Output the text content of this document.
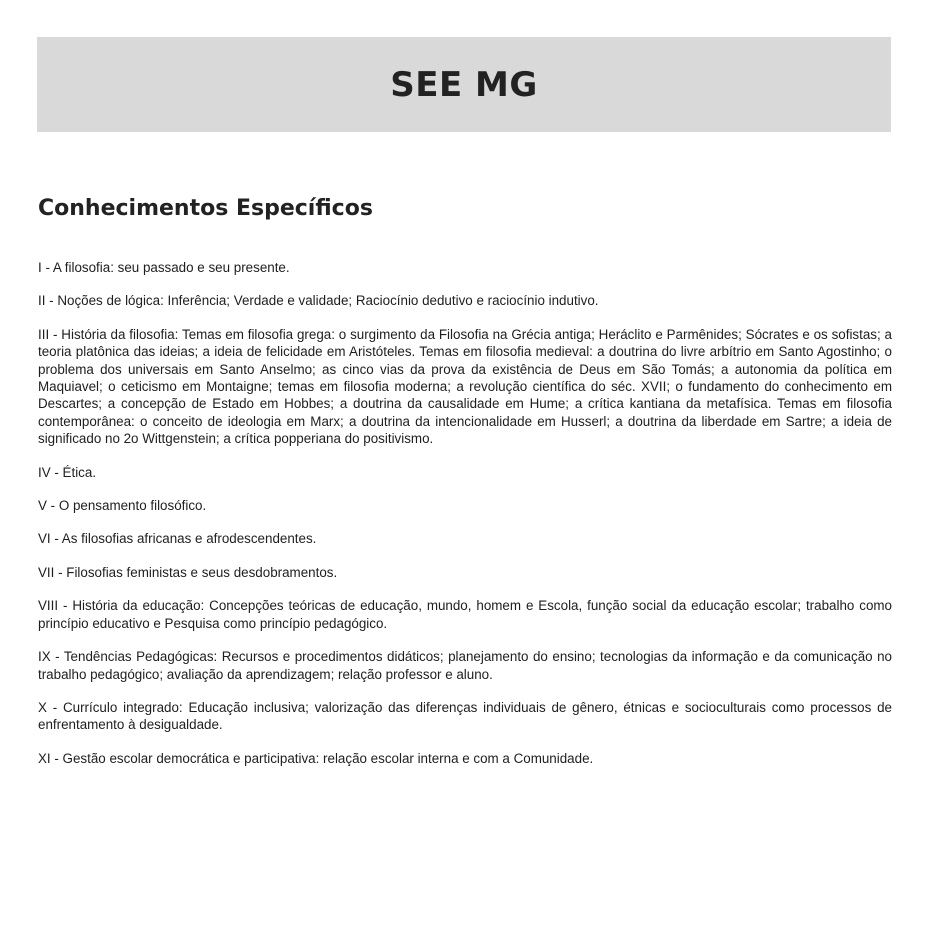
SEE MG
Conhecimentos Específicos

I - A filosofia: seu passado e seu presente.

II - Noções de lógica: Inferência; Verdade e validade; Raciocínio dedutivo e raciocínio indutivo.

III - História da filosofia: Temas em filosofia grega: o surgimento da Filosofia na Grécia antiga; Heráclito e Parmênides; Sócrates e os sofistas; a teoria platônica das ideias; a ideia de felicidade em Aristóteles. Temas em filosofia medieval: a doutrina do livre arbítrio em Santo Agostinho; o problema dos universais em Santo Anselmo; as cinco vias da prova da existência de Deus em São Tomás; a autonomia da política em Maquiavel; o ceticismo em Montaigne; temas em filosofia moderna; a revolução científica do séc. XVII; o fundamento do conhecimento em Descartes; a concepção de Estado em Hobbes; a doutrina da causalidade em Hume; a crítica kantiana da metafísica. Temas em filosofia contemporânea: o conceito de ideologia em Marx; a doutrina da intencionalidade em Husserl; a doutrina da liberdade em Sartre; a ideia de significado no 2o Wittgenstein; a crítica popperiana do positivismo.

IV - Ética.

V - O pensamento filosófico.

VI - As filosofias africanas e afrodescendentes.

VII - Filosofias feministas e seus desdobramentos.

VIII - História da educação: Concepções teóricas de educação, mundo, homem e Escola, função social da educação escolar; trabalho como princípio educativo e Pesquisa como princípio pedagógico.

IX - Tendências Pedagógicas: Recursos e procedimentos didáticos; planejamento do ensino; tecnologias da informação e da comunicação no trabalho pedagógico; avaliação da aprendizagem; relação professor e aluno.

X - Currículo integrado: Educação inclusiva; valorização das diferenças individuais de gênero, étnicas e socioculturais como processos de enfrentamento à desigualdade.

XI - Gestão escolar democrática e participativa: relação escolar interna e com a Comunidade.
